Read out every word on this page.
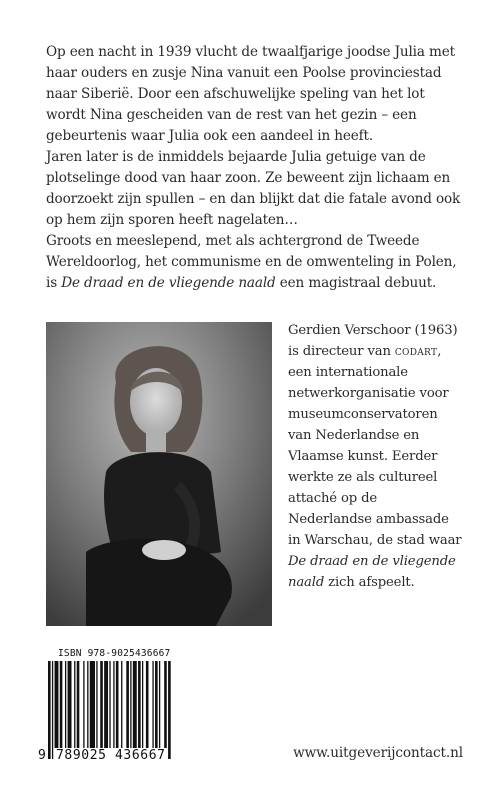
Op een nacht in 1939 vlucht de twaalfjarige joodse Julia met haar ouders en zusje Nina vanuit een Poolse provinciestad naar Siberië. Door een afschuwelijke speling van het lot wordt Nina gescheiden van de rest van het gezin – een gebeurtenis waar Julia ook een aandeel in heeft.

Jaren later is de inmiddels bejaarde Julia getuige van de plotselinge dood van haar zoon. Ze beweent zijn lichaam en doorzoekt zijn spullen – en dan blijkt dat die fatale avond ook op hem zijn sporen heeft nagelaten…

Groots en meeslepend, met als achtergrond de Tweede Wereldoorlog, het communisme en de omwenteling in Polen, is De draad en de vliegende naald een magistraal debuut.

Gerdien Verschoor (1963) is directeur van codart, een internationale netwerkorganisatie voor museumconservatoren van Nederlandse en Vlaamse kunst. Eerder werkte ze als cultureel attaché op de Nederlandse ambassade in Warschau, de stad waar De draad en de vliegende naald zich afspeelt.
ISBN 978-9025436667
9 789025 436667	www.uitgeverijcontact.nl
